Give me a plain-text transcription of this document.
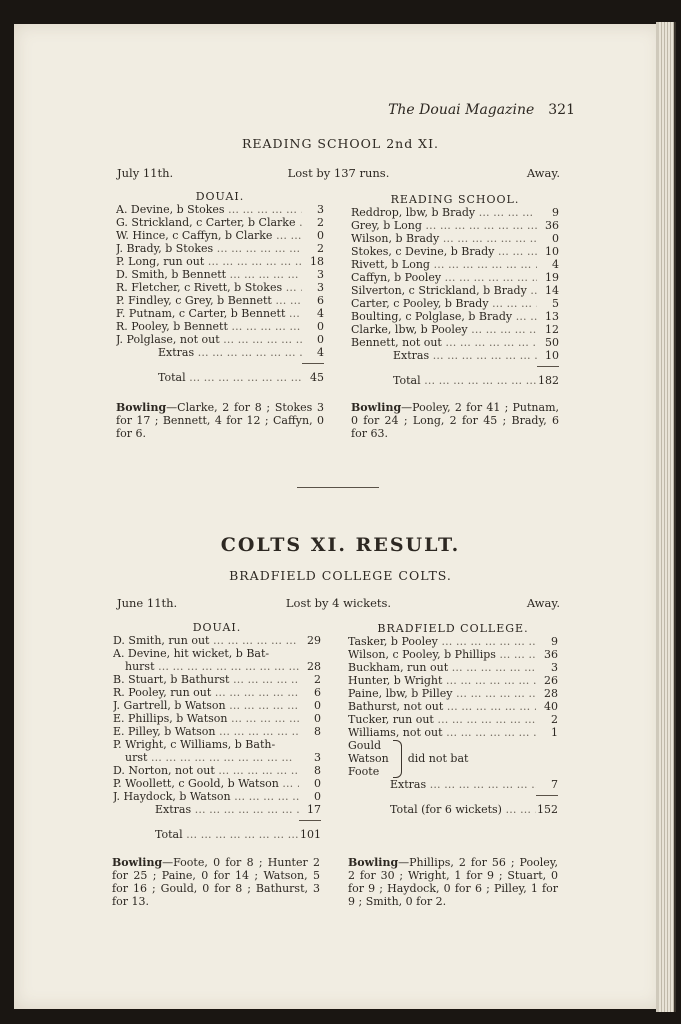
The Douai Magazine 321
READING SCHOOL 2nd XI.
July 11th.	Lost by 137 runs.	Away.
DOUAI.
A. Devine, b Stokes … … … … … … … … … …	3
G. Strickland, c Carter, b Clarke … … … … … … … … … …	2
W. Hince, c Caffyn, b Clarke … … … … … … … … … …	0
J. Brady, b Stokes … … … … … … … … … …	2
P. Long, run out … … … … … … … … … …	18
D. Smith, b Bennett … … … … … … … … … …	3
R. Fletcher, c Rivett, b Stokes … … … … … … … … … …	3
P. Findley, c Grey, b Bennett … … … … … … … … … …	6
F. Putnam, c Carter, b Bennett … … … … … … … … … …	4
R. Pooley, b Bennett … … … … … … … … … …	0
J. Polglase, not out … … … … … … … … … …	0
Extras … … … … … … … … … …	4
Total … … … … … … … … … …	45
READING SCHOOL.
Reddrop, lbw, b Brady … … … … … … … … … …	9
Grey, b Long … … … … … … … … … …	36
Wilson, b Brady … … … … … … … … … …	0
Stokes, c Devine, b Brady … … … … … … … … … …	10
Rivett, b Long … … … … … … … … … …	4
Caffyn, b Pooley … … … … … … … … … …	19
Silverton, c Strickland, b Brady … … … … … … … … … …	14
Carter, c Pooley, b Brady … … … … … … … … … …	5
Boulting, c Polglase, b Brady … … … … … … … … … …	13
Clarke, lbw, b Pooley … … … … … … … … … …	12
Bennett, not out … … … … … … … … … …	50
Extras … … … … … … … … … …	10
Total … … … … … … … … … …	182
Bowling—Clarke, 2 for 8 ; Stokes 3 for 17 ; Bennett, 4 for 12 ; Caffyn, 0 for 6.
Bowling—Pooley, 2 for 41 ; Putnam, 0 for 24 ; Long, 2 for 45 ; Brady, 6 for 63.
COLTS XI. RESULT.
BRADFIELD COLLEGE COLTS.
June 11th.	Lost by 4 wickets.	Away.
DOUAI.
D. Smith, run out … … … … … … … … … …	29
A. Devine, hit wicket, b Bat-
hurst … … … … … … … … … …	28
B. Stuart, b Bathurst … … … … … … … … … …	2
R. Pooley, run out … … … … … … … … … …	6
J. Gartrell, b Watson … … … … … … … … … …	0
E. Phillips, b Watson … … … … … … … … … …	0
E. Pilley, b Watson … … … … … … … … … …	8
P. Wright, c Williams, b Bath-
urst … … … … … … … … … …	3
D. Norton, not out … … … … … … … … … …	8
P. Woollett, c Goold, b Watson … … … … … … … … … …	0
J. Haydock, b Watson … … … … … … … … … …	0
Extras … … … … … … … … … …	17
Total … … … … … … … … … …	101
BRADFIELD COLLEGE.
Tasker, b Pooley … … … … … … … … … …	9
Wilson, c Pooley, b Phillips … … … … … … … … … …	36
Buckham, run out … … … … … … … … … …	3
Hunter, b Wright … … … … … … … … … …	26
Paine, lbw, b Pilley … … … … … … … … … …	28
Bathurst, not out … … … … … … … … … …	40
Tucker, run out … … … … … … … … … …	2
Williams, not out … … … … … … … … … …	1
Gould
Watson
Foote
did not bat
Extras … … … … … … … … … …	7
Total (for 6 wickets) … … … … … … … … … …	152
Bowling—Foote, 0 for 8 ; Hunter 2 for 25 ; Paine, 0 for 14 ; Watson, 5 for 16 ; Gould, 0 for 8 ; Bathurst, 3 for 13.
Bowling—Phillips, 2 for 56 ; Pooley, 2 for 30 ; Wright, 1 for 9 ; Stuart, 0 for 9 ; Haydock, 0 for 6 ; Pilley, 1 for 9 ; Smith, 0 for 2.
